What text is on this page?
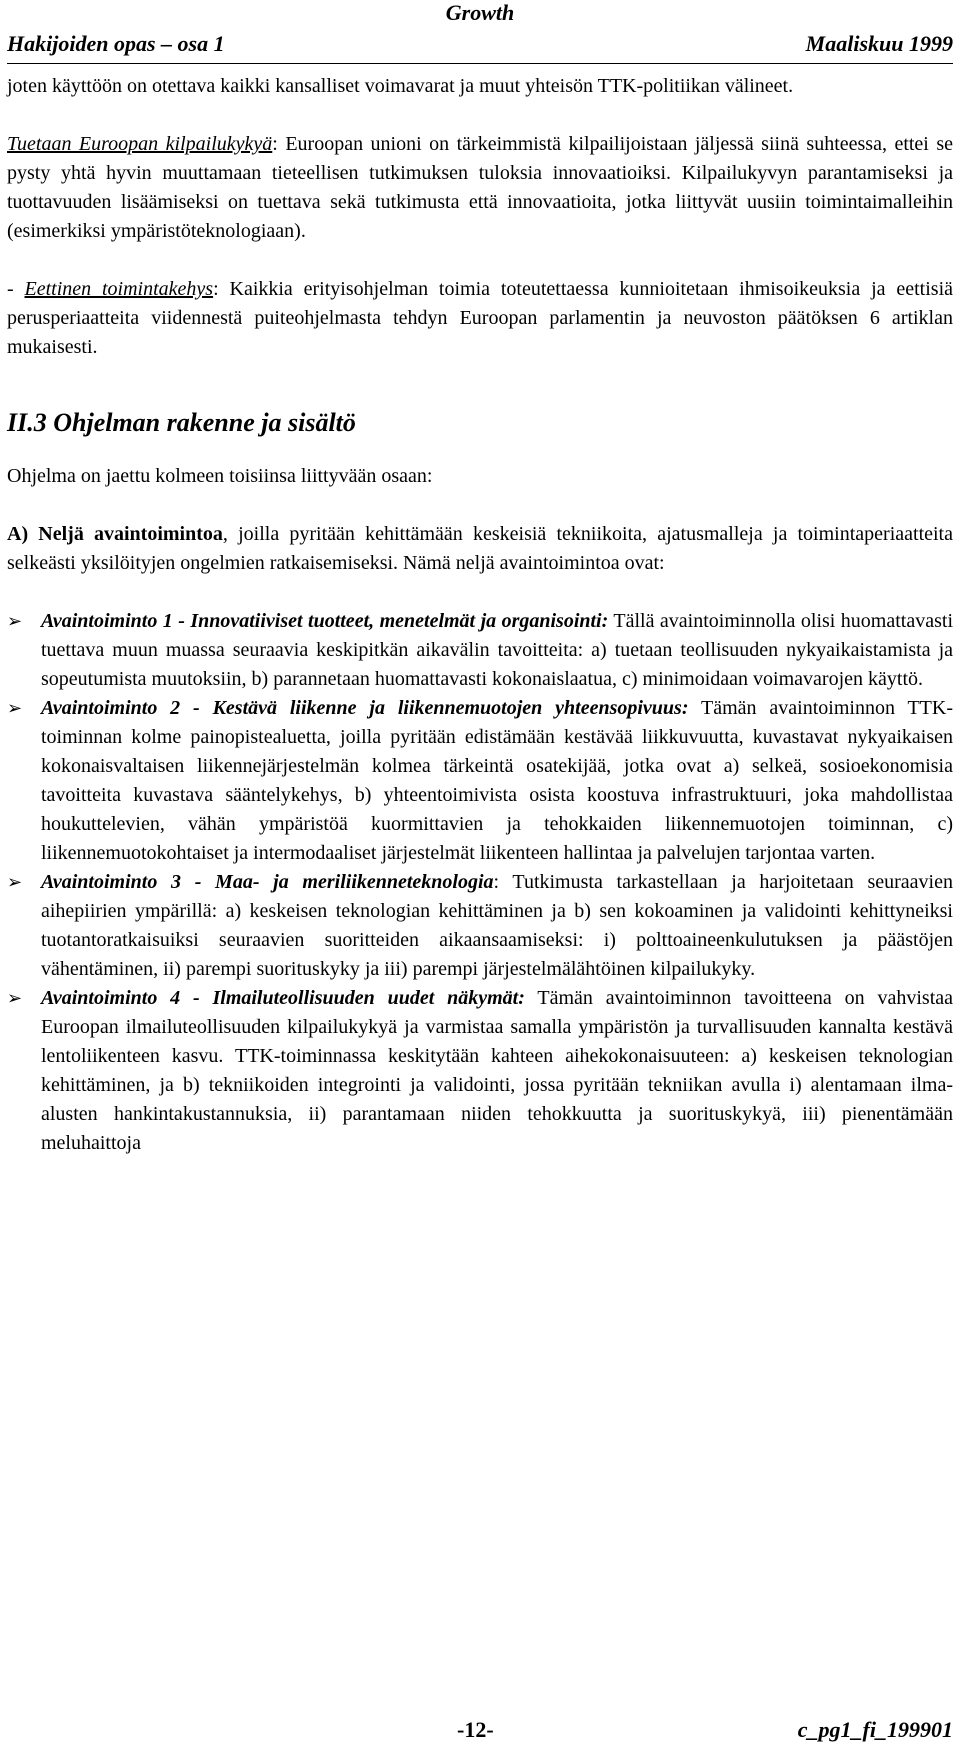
Growth
Hakijoiden opas – osa 1	Maaliskuu 1999

joten käyttöön on otettava kaikki kansalliset voimavarat ja muut yhteisön TTK-politiikan välineet.

Tuetaan Euroopan kilpailukykyä: Euroopan unioni on tärkeimmistä kilpailijoistaan jäljessä siinä suhteessa, ettei se pysty yhtä hyvin muuttamaan tieteellisen tutkimuksen tuloksia innovaatioiksi. Kilpailukyvyn parantamiseksi ja tuottavuuden lisäämiseksi on tuettava sekä tutkimusta että innovaatioita, jotka liittyvät uusiin toimintaimalleihin (esimerkiksi ympäristöteknologiaan).

- Eettinen toimintakehys: Kaikkia erityisohjelman toimia toteutettaessa kunnioitetaan ihmisoikeuksia ja eettisiä perusperiaatteita viidennestä puiteohjelmasta tehdyn Euroopan parlamentin ja neuvoston päätöksen 6 artiklan mukaisesti.

II.3 Ohjelman rakenne ja sisältö

Ohjelma on jaettu kolmeen toisiinsa liittyvään osaan:

A) Neljä avaintoimintoa, joilla pyritään kehittämään keskeisiä tekniikoita, ajatusmalleja ja toimintaperiaatteita selkeästi yksilöityjen ongelmien ratkaisemiseksi. Nämä neljä avaintoimintoa ovat:

➢ Avaintoiminto 1 - Innovatiiviset tuotteet, menetelmät ja organisointi: Tällä avaintoiminnolla olisi huomattavasti tuettava muun muassa seuraavia keskipitkän aikavälin tavoitteita: a) tuetaan teollisuuden nykyaikaistamista ja sopeutumista muutoksiin, b) parannetaan huomattavasti kokonaislaatua, c) minimoidaan voimavarojen käyttö.
➢ Avaintoiminto 2 - Kestävä liikenne ja liikennemuotojen yhteensopivuus: Tämän avaintoiminnon TTK-toiminnan kolme painopistealuetta, joilla pyritään edistämään kestävää liikkuvuutta, kuvastavat nykyaikaisen kokonaisvaltaisen liikennejärjestelmän kolmea tärkeintä osatekijää, jotka ovat a) selkeä, sosioekonomisia tavoitteita kuvastava sääntelykehys, b) yhteentoimivista osista koostuva infrastruktuuri, joka mahdollistaa houkuttelevien, vähän ympäristöä kuormittavien ja tehokkaiden liikennemuotojen toiminnan, c) liikennemuotokohtaiset ja intermodaaliset järjestelmät liikenteen hallintaa ja palvelujen tarjontaa varten.
➢ Avaintoiminto 3 - Maa- ja meriliikenneteknologia: Tutkimusta tarkastellaan ja harjoitetaan seuraavien aihepiirien ympärillä: a) keskeisen teknologian kehittäminen ja b) sen kokoaminen ja validointi kehittyneiksi tuotantoratkaisuiksi seuraavien suoritteiden aikaansaamiseksi: i) polttoaineenkulutuksen ja päästöjen vähentäminen, ii) parempi suorituskyky ja iii) parempi järjestelmälähtöinen kilpailukyky.
➢ Avaintoiminto 4 - Ilmailuteollisuuden uudet näkymät: Tämän avaintoiminnon tavoitteena on vahvistaa Euroopan ilmailuteollisuuden kilpailukykyä ja varmistaa samalla ympäristön ja turvallisuuden kannalta kestävä lentoliikenteen kasvu. TTK-toiminnassa keskitytään kahteen aihekokonaisuuteen: a) keskeisen teknologian kehittäminen, ja b) tekniikoiden integrointi ja validointi, jossa pyritään tekniikan avulla i) alentamaan ilma-alusten hankintakustannuksia, ii) parantamaan niiden tehokkuutta ja suorituskykyä, iii) pienentämään meluhaittoja
-12-	c_pg1_fi_199901
